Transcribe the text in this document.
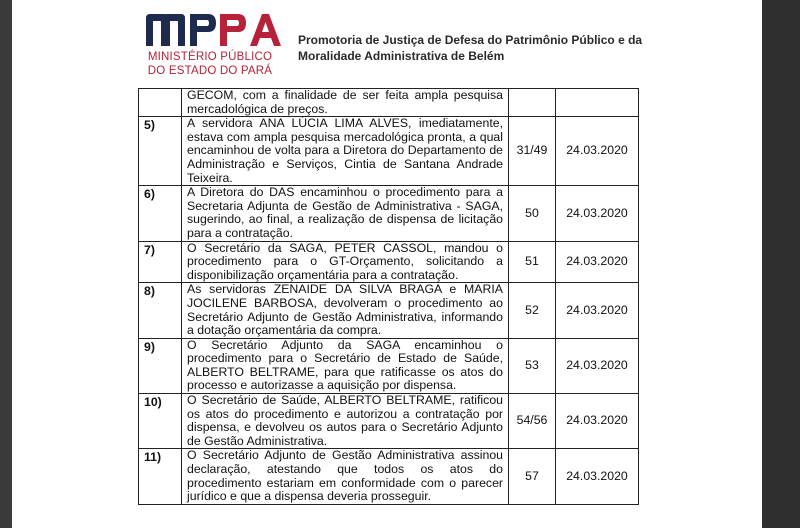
MINISTÉRIO PÚBLICO
DO ESTADO DO PARÁ
Promotoria de Justiça de Defesa do Patrimônio Público e da
Moralidade Administrativa de Belém
	GECOM, com a finalidade de ser feita ampla pesquisa mercadológica de preços.		
5)	A servidora ANA LÚCIA LIMA ALVES, imediatamente, estava com ampla pesquisa mercadológica pronta, a qual encaminhou de volta para a Diretora do Departamento de Administração e Serviços, Cintia de Santana Andrade Teixeira.	31/49	24.03.2020
6)	A Diretora do DAS encaminhou o procedimento para a Secretaria Adjunta de Gestão de Administrativa - SAGA, sugerindo, ao final, a realização de dispensa de licitação para a contratação.	50	24.03.2020
7)	O Secretário da SAGA, PETER CASSOL, mandou o procedimento para o GT-Orçamento, solicitando a disponibilização orçamentária para a contratação.	51	24.03.2020
8)	As servidoras ZENAIDE DA SILVA BRAGA e MARIA JOCILENE BARBOSA, devolveram o procedimento ao Secretário Adjunto de Gestão Administrativa, informando a dotação orçamentária da compra.	52	24.03.2020
9)	O Secretário Adjunto da SAGA encaminhou o procedimento para o Secretário de Estado de Saúde, ALBERTO BELTRAME, para que ratificasse os atos do processo e autorizasse a aquisição por dispensa.	53	24.03.2020
10)	O Secretário de Saúde, ALBERTO BELTRAME, ratificou os atos do procedimento e autorizou a contratação por dispensa, e devolveu os autos para o Secretário Adjunto de Gestão Administrativa.	54/56	24.03.2020
11)	O Secretário Adjunto de Gestão Administrativa assinou declaração, atestando que todos os atos do procedimento estariam em conformidade com o parecer jurídico e que a dispensa deveria prosseguir.	57	24.03.2020
